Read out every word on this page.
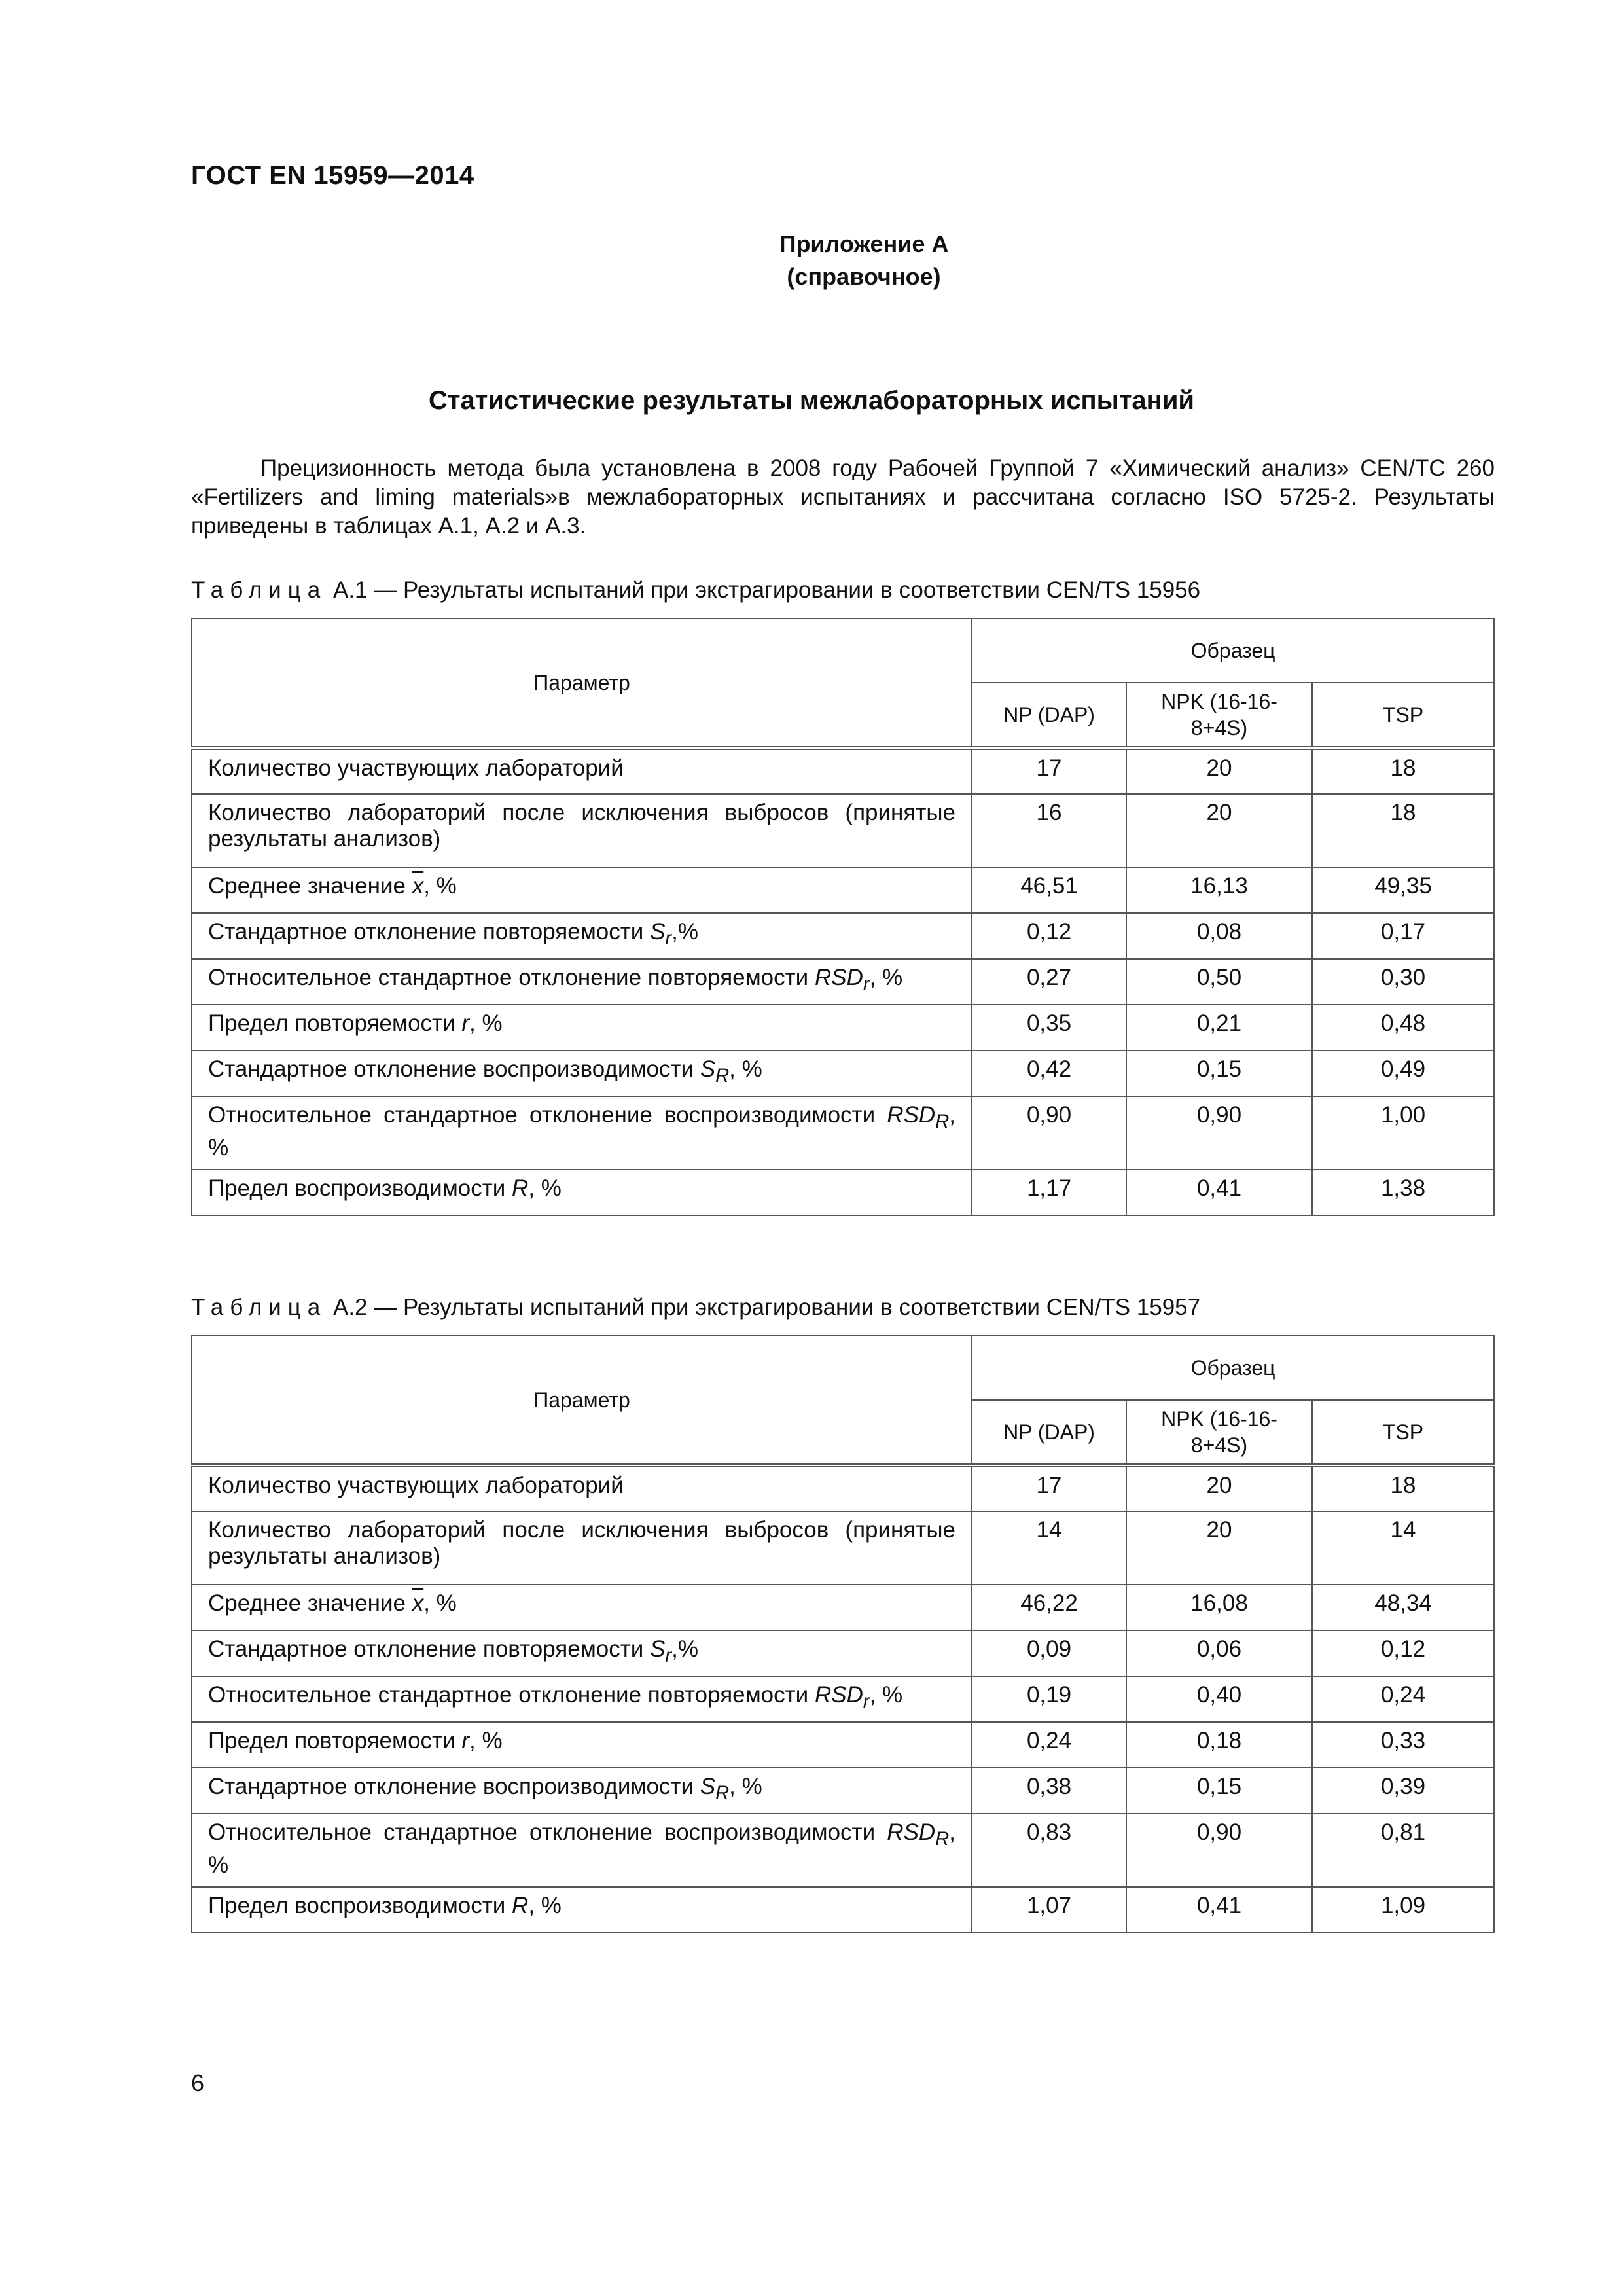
ГОСТ EN 15959—2014
Приложение А
(справочное)
Статистические результаты межлабораторных испытаний
Прецизионность метода была установлена в 2008 году Рабочей Группой 7 «Химический анализ» CEN/TC 260 «Fertilizers and liming materials»в межлабораторных испытаниях и рассчитана согласно ISO 5725-2. Результаты приведены в таблицах А.1, А.2 и А.3.
Таблица А.1 — Результаты испытаний при экстрагировании в соответствии CEN/TS 15956
Параметр	Образец		
	NP (DAP)	NPK (16-16-8+4S)	TSP
Количество участвующих лабораторий	17	20	18
Количество лабораторий после исключения выбросов (принятые результаты анализов)	16	20	18
Среднее значение $\overline{x}$, %	46,51	16,13	49,35
Стандартное отклонение повторяемости $S_r,\%$	0,12	0,08	0,17
Относительное стандартное отклонение повторяемости $RSD_r$, %	0,27	0,50	0,30
Предел повторяемости r, %	0,35	0,21	0,48
Стандартное отклонение воспроизводимости $S_R$, %	0,42	0,15	0,49
Относительное стандартное отклонение воспроизводимости $RSD_R$, %	0,90	0,90	1,00
Предел воспроизводимости R, %	1,17	0,41	1,38
Таблица А.2 — Результаты испытаний при экстрагировании в соответствии CEN/TS 15957
Параметр	Образец		
	NP (DAP)	NPK (16-16-8+4S)	TSP
Количество участвующих лабораторий	17	20	18
Количество лабораторий после исключения выбросов (принятые результаты анализов)	14	20	14
Среднее значение $\overline{x}$, %	46,22	16,08	48,34
Стандартное отклонение повторяемости $S_r,\%$	0,09	0,06	0,12
Относительное стандартное отклонение повторяемости $RSD_r$, %	0,19	0,40	0,24
Предел повторяемости r, %	0,24	0,18	0,33
Стандартное отклонение воспроизводимости $S_R$, %	0,38	0,15	0,39
Относительное стандартное отклонение воспроизводимости $RSD_R$, %	0,83	0,90	0,81
Предел воспроизводимости R, %	1,07	0,41	1,09
6
